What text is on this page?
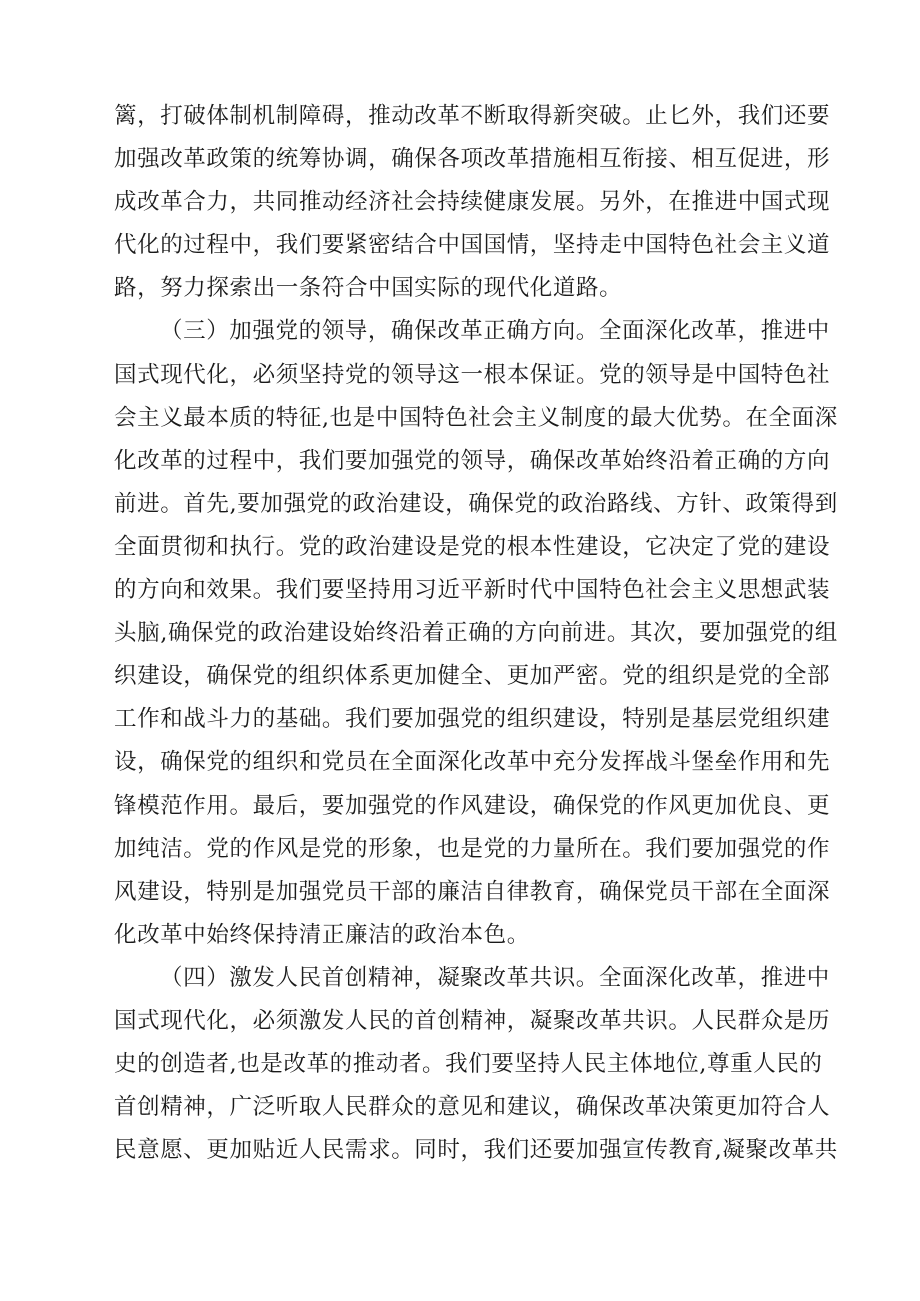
篱，打破体制机制障碍，推动改革不断取得新突破。止匕外，我们还要
加强改革政策的统筹协调，确保各项改革措施相互衔接、相互促进，形
成改革合力，共同推动经济社会持续健康发展。另外，在推进中国式现
代化的过程中，我们要紧密结合中国国情，坚持走中国特色社会主义道
路，努力探索出一条符合中国实际的现代化道路。
（三）加强党的领导，确保改革正确方向。全面深化改革，推进中
国式现代化，必须坚持党的领导这一根本保证。党的领导是中国特色社
会主义最本质的特征,也是中国特色社会主义制度的最大优势。在全面深
化改革的过程中，我们要加强党的领导，确保改革始终沿着正确的方向
前进。首先,要加强党的政治建设，确保党的政治路线、方针、政策得到
全面贯彻和执行。党的政治建设是党的根本性建设，它决定了党的建设
的方向和效果。我们要坚持用习近平新时代中国特色社会主义思想武装
头脑,确保党的政治建设始终沿着正确的方向前进。其次，要加强党的组
织建设，确保党的组织体系更加健全、更加严密。党的组织是党的全部
工作和战斗力的基础。我们要加强党的组织建设，特别是基层党组织建
设，确保党的组织和党员在全面深化改革中充分发挥战斗堡垒作用和先
锋模范作用。最后，要加强党的作风建设，确保党的作风更加优良、更
加纯洁。党的作风是党的形象，也是党的力量所在。我们要加强党的作
风建设，特别是加强党员干部的廉洁自律教育，确保党员干部在全面深
化改革中始终保持清正廉洁的政治本色。
（四）激发人民首创精神，凝聚改革共识。全面深化改革，推进中
国式现代化，必须激发人民的首创精神，凝聚改革共识。人民群众是历
史的创造者,也是改革的推动者。我们要坚持人民主体地位,尊重人民的
首创精神，广泛听取人民群众的意见和建议，确保改革决策更加符合人
民意愿、更加贴近人民需求。同时，我们还要加强宣传教育,凝聚改革共
